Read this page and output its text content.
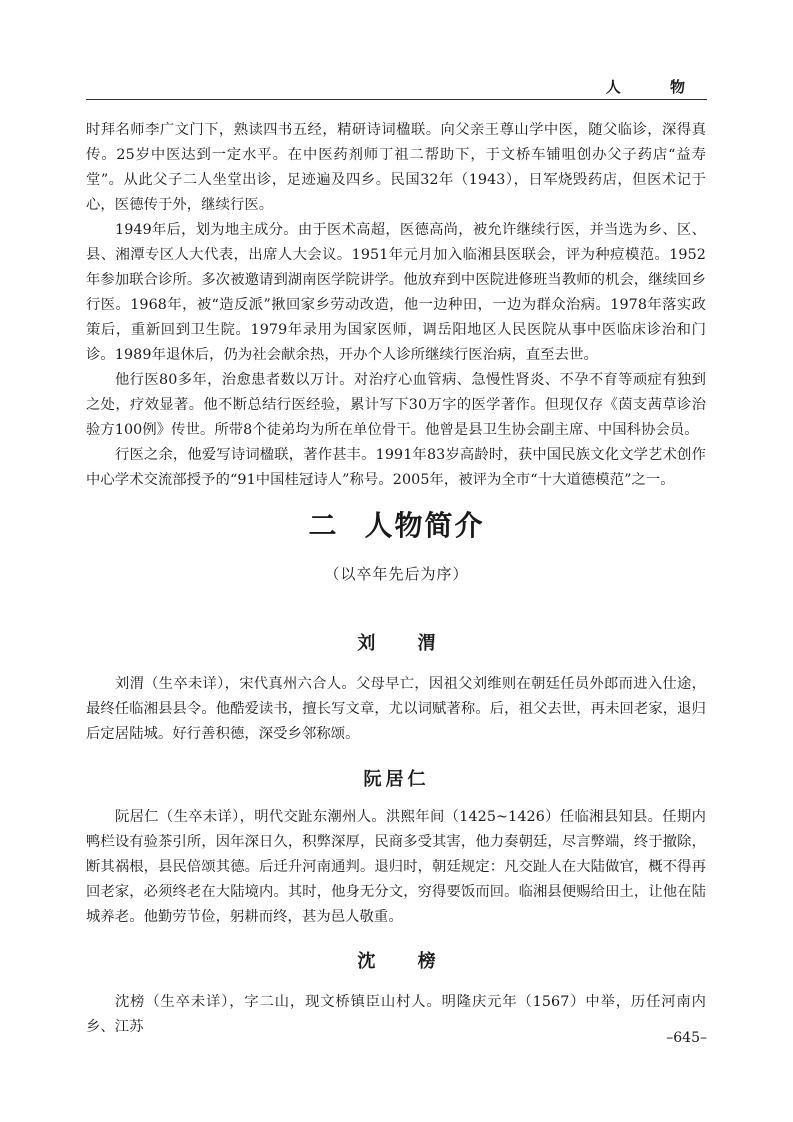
人 物

时拜名师李广文门下，熟读四书五经，精研诗词楹联。向父亲王尊山学中医，随父临诊，深得真传。25岁中医达到一定水平。在中医药剂师丁祖二帮助下，于文桥车铺咀创办父子药店“益寿堂”。从此父子二人坐堂出诊，足迹遍及四乡。民国32年（1943），日军烧毁药店，但医术记于心，医德传于外，继续行医。

1949年后，划为地主成分。由于医术高超，医德高尚，被允许继续行医，并当选为乡、区、县、湘潭专区人大代表，出席人大会议。1951年元月加入临湘县医联会，评为种痘模范。1952年参加联合诊所。多次被邀请到湖南医学院讲学。他放弃到中医院进修班当教师的机会，继续回乡行医。1968年，被“造反派”揪回家乡劳动改造，他一边种田，一边为群众治病。1978年落实政策后，重新回到卫生院。1979年录用为国家医师，调岳阳地区人民医院从事中医临床诊治和门诊。1989年退休后，仍为社会献余热，开办个人诊所继续行医治病，直至去世。

他行医80多年，治愈患者数以万计。对治疗心血管病、急慢性肾炎、不孕不育等顽症有独到之处，疗效显著。他不断总结行医经验，累计写下30万字的医学著作。但现仅存《茵支茜草诊治验方100例》传世。所带8个徒弟均为所在单位骨干。他曾是县卫生协会副主席、中国科协会员。

行医之余，他爱写诗词楹联，著作甚丰。1991年83岁高龄时，获中国民族文化文学艺术创作中心学术交流部授予的“91中国桂冠诗人”称号。2005年，被评为全市“十大道德模范”之一。

二 人物简介
（以卒年先后为序）
刘 渭

刘渭（生卒未详），宋代真州六合人。父母早亡，因祖父刘维则在朝廷任员外郎而进入仕途，最终任临湘县县令。他酷爱读书，擅长写文章，尤以词赋著称。后，祖父去世，再未回老家，退归后定居陆城。好行善积德，深受乡邻称颂。

阮居仁

阮居仁（生卒未详），明代交趾东潮州人。洪熙年间（1425~1426）任临湘县知县。任期内鸭栏设有验茶引所，因年深日久，积弊深厚，民商多受其害，他力奏朝廷，尽言弊端，终于撤除，断其祸根，县民倍颂其德。后迁升河南通判。退归时，朝廷规定：凡交趾人在大陆做官，概不得再回老家，必须终老在大陆境内。其时，他身无分文，穷得要饭而回。临湘县便赐给田土，让他在陆城养老。他勤劳节俭，躬耕而终，甚为邑人敬重。

沈 榜

沈榜（生卒未详），字二山，现文桥镇臣山村人。明隆庆元年（1567）中举，历任河南内乡、江苏

–645–
